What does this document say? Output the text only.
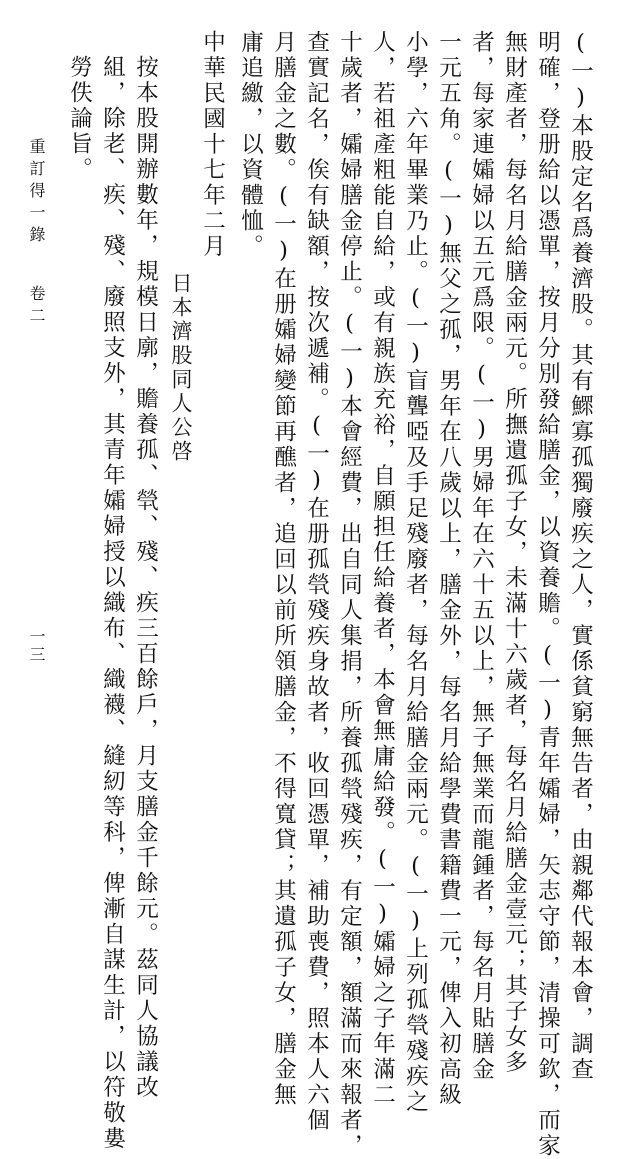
(一)本股定名爲養濟股。其有鰥寡孤獨廢疾之人，實係貧窮無告者，由親鄰代報本會，調查
明確，登册給以憑單，按月分別發給膳金，以資養贍。(一)青年孀婦，矢志守節，清操可欽，而家
無財產者，每名月給膳金兩元。所撫遺孤子女，未滿十六歲者，每名月給膳金壹元；其子女多
者，每家連孀婦以五元爲限。(一)男婦年在六十五以上，無子無業而龍鍾者，每名月貼膳金
一元五角。(一)無父之孤，男年在八歲以上，膳金外，每名月給學費書籍費一元，俾入初高級
小學，六年畢業乃止。(一)盲聾啞及手足殘廢者，每名月給膳金兩元。(一)上列孤煢殘疾之
人，若祖產粗能自給，或有親族充裕，自願担任給養者，本會無庸給發。(一)孀婦之子年滿二
十歲者，孀婦膳金停止。(一)本會經費，出自同人集捐，所養孤煢殘疾，有定額，額滿而來報者，
查實記名，俟有缺額，按次遞補。(一)在册孤煢殘疾身故者，收回憑單，補助喪費，照本人六個
月膳金之數。(一)在册孀婦變節再醮者，追回以前所領膳金，不得寬貸；其遺孤子女，膳金無
庸追繳，以資體恤。
中華民國十七年二月
日本濟股同人公啓
按本股開辦數年，規模日廓，贍養孤、煢、殘、疾三百餘戶，月支膳金千餘元。茲同人協議改
組，除老、疾、殘、廢照支外，其青年孀婦授以織布、織襪、縫紉等科，俾漸自謀生計，以符敬婁
勞佚論旨。
重訂得一錄
卷二
一三
